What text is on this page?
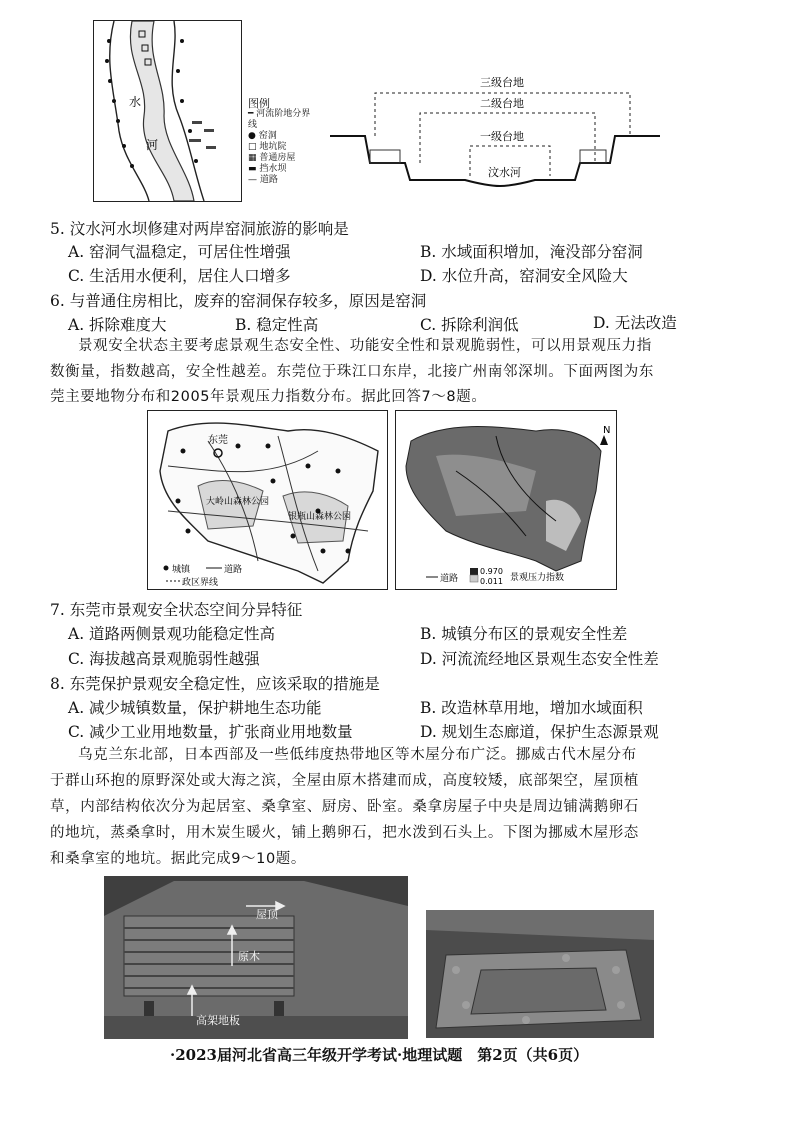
水
河
图例
━ 河流阶地分界线
● 窑洞
□ 地坑院
▦ 普通房屋
▬ 挡水坝
— 道路
三级台地
二级台地
一级台地
汶水河
5. 汶水河水坝修建对两岸窑洞旅游的影响是
A. 窑洞气温稳定，可居住性增强	B. 水域面积增加，淹没部分窑洞
C. 生活用水便利，居住人口增多	D. 水位升高，窑洞安全风险大
6. 与普通住房相比，废弃的窑洞保存较多，原因是窑洞
A. 拆除难度大	B. 稳定性高	C. 拆除利润低	D. 无法改造
景观安全状态主要考虑景观生态安全性、功能安全性和景观脆弱性，可以用景观压力指
数衡量，指数越高，安全性越差。东莞位于珠江口东岸，北接广州南邻深圳。下面两图为东
莞主要地物分布和2005年景观压力指数分布。据此回答7～8题。
东莞
大岭山森林公园
银瓶山森林公园
城镇	道路
政区界线
N
道路
0.970
0.011 景观压力指数
7. 东莞市景观安全状态空间分异特征
A. 道路两侧景观功能稳定性高	B. 城镇分布区的景观安全性差
C. 海拔越高景观脆弱性越强	D. 河流流经地区景观生态安全性差
8. 东莞保护景观安全稳定性，应该采取的措施是
A. 减少城镇数量，保护耕地生态功能	B. 改造林草用地，增加水域面积
C. 减少工业用地数量，扩张商业用地数量	D. 规划生态廊道，保护生态源景观
乌克兰东北部，日本西部及一些低纬度热带地区等木屋分布广泛。挪威古代木屋分布
于群山环抱的原野深处或大海之滨，全屋由原木搭建而成，高度较矮，底部架空，屋顶植
草，内部结构依次分为起居室、桑拿室、厨房、卧室。桑拿房屋子中央是周边铺满鹅卵石
的地坑，蒸桑拿时，用木炭生暖火，铺上鹅卵石，把水泼到石头上。下图为挪威木屋形态
和桑拿室的地坑。据此完成9～10题。
屋顶
原木
高架地板
·2023届河北省高三年级开学考试·地理试题　第2页（共6页）
